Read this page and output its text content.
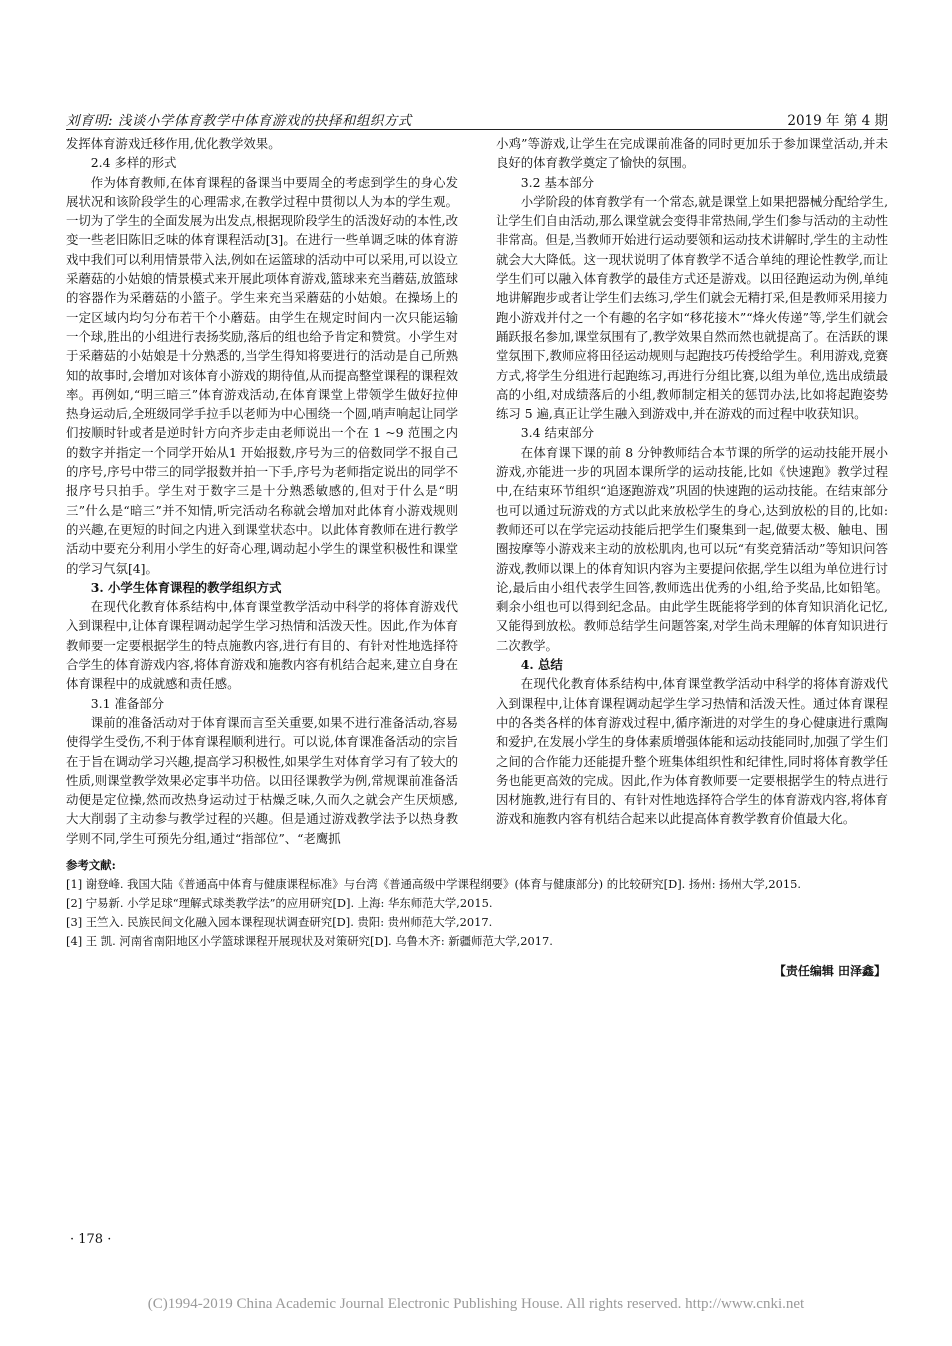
刘育明: 浅谈小学体育教学中体育游戏的抉择和组织方式	2019 年 第 4 期

发挥体育游戏迁移作用,优化教学效果。

2.4 多样的形式

作为体育教师,在体育课程的备课当中要周全的考虑到学生的身心发展状况和该阶段学生的心理需求,在教学过程中贯彻以人为本的学生观。一切为了学生的全面发展为出发点,根据现阶段学生的活泼好动的本性,改变一些老旧陈旧乏味的体育课程活动[3]。在进行一些单调乏味的体育游戏中我们可以利用情景带入法,例如在运篮球的活动中可以采用,可以设立采蘑菇的小姑娘的情景模式来开展此项体育游戏,篮球来充当蘑菇,放篮球的容器作为采蘑菇的小篮子。学生来充当采蘑菇的小姑娘。在操场上的一定区域内均匀分布若干个小蘑菇。由学生在规定时间内一次只能运输一个球,胜出的小组进行表扬奖励,落后的组也给予肯定和赞赏。小学生对于采蘑菇的小姑娘是十分熟悉的,当学生得知将要进行的活动是自己所熟知的故事时,会增加对该体育小游戏的期待值,从而提高整堂课程的课程效率。再例如,“明三暗三”体育游戏活动,在体育课堂上带领学生做好拉伸热身运动后,全班级同学手拉手以老师为中心围绕一个圆,哨声响起让同学们按顺时针或者是逆时针方向齐步走由老师说出一个在 1 ~9 范围之内的数字并指定一个同学开始从1 开始报数,序号为三的倍数同学不报自己的序号,序号中带三的同学报数并拍一下手,序号为老师指定说出的同学不报序号只拍手。学生对于数字三是十分熟悉敏感的,但对于什么是“明三”什么是“暗三”并不知情,听完活动名称就会增加对此体育小游戏规则的兴趣,在更短的时间之内进入到课堂状态中。以此体育教师在进行教学活动中要充分利用小学生的好奇心理,调动起小学生的课堂积极性和课堂的学习气氛[4]。

3. 小学生体育课程的教学组织方式

在现代化教育体系结构中,体育课堂教学活动中科学的将体育游戏代入到课程中,让体育课程调动起学生学习热情和活泼天性。因此,作为体育教师要一定要根据学生的特点施教内容,进行有目的、有针对性地选择符合学生的体育游戏内容,将体育游戏和施教内容有机结合起来,建立自身在体育课程中的成就感和责任感。

3.1 准备部分

课前的准备活动对于体育课而言至关重要,如果不进行准备活动,容易使得学生受伤,不利于体育课程顺利进行。可以说,体育课准备活动的宗旨在于旨在调动学习兴趣,提高学习积极性,如果学生对体育学习有了较大的性质,则课堂教学效果必定事半功倍。以田径课教学为例,常规课前准备活动便是定位操,然而改热身运动过于枯燥乏味,久而久之就会产生厌烦感,大大削弱了主动参与教学过程的兴趣。但是通过游戏教学法予以热身教学则不同,学生可预先分组,通过“指部位”、“老鹰抓

小鸡”等游戏,让学生在完成课前准备的同时更加乐于参加课堂活动,并未良好的体育教学奠定了愉快的氛围。

3.2 基本部分

小学阶段的体育教学有一个常态,就是课堂上如果把器械分配给学生,让学生们自由活动,那么课堂就会变得非常热闹,学生们参与活动的主动性非常高。但是,当教师开始进行运动要领和运动技术讲解时,学生的主动性就会大大降低。这一现状说明了体育教学不适合单纯的理论性教学,而让学生们可以融入体育教学的最佳方式还是游戏。以田径跑运动为例,单纯地讲解跑步或者让学生们去练习,学生们就会无精打采,但是教师采用接力跑小游戏并付之一个有趣的名字如“移花接木”“烽火传递”等,学生们就会踊跃报名参加,课堂氛围有了,教学效果自然而然也就提高了。在活跃的课堂氛围下,教师应将田径运动规则与起跑技巧传授给学生。利用游戏,竞赛方式,将学生分组进行起跑练习,再进行分组比赛,以组为单位,选出成绩最高的小组,对成绩落后的小组,教师制定相关的惩罚办法,比如将起跑姿势练习 5 遍,真正让学生融入到游戏中,并在游戏的而过程中收获知识。

3.4 结束部分

在体育课下课的前 8 分钟教师结合本节课的所学的运动技能开展小游戏,亦能进一步的巩固本课所学的运动技能,比如《快速跑》教学过程中,在结束环节组织“追逐跑游戏”巩固的快速跑的运动技能。在结束部分也可以通过玩游戏的方式以此来放松学生的身心,达到放松的目的,比如:教师还可以在学完运动技能后把学生们聚集到一起,做要太极、触电、围圈按摩等小游戏来主动的放松肌肉,也可以玩“有奖竞猜活动”等知识问答游戏,教师以课上的体育知识内容为主要提问依据,学生以组为单位进行讨论,最后由小组代表学生回答,教师选出优秀的小组,给予奖品,比如铅笔。剩余小组也可以得到纪念品。由此学生既能将学到的体育知识消化记忆,又能得到放松。教师总结学生问题答案,对学生尚未理解的体育知识进行二次教学。

4. 总结

在现代化教育体系结构中,体育课堂教学活动中科学的将体育游戏代入到课程中,让体育课程调动起学生学习热情和活泼天性。通过体育课程中的各类各样的体育游戏过程中,循序渐进的对学生的身心健康进行熏陶和爱护,在发展小学生的身体素质增强体能和运动技能同时,加强了学生们之间的合作能力还能提升整个班集体组织性和纪律性,同时将体育教学任务也能更高效的完成。因此,作为体育教师要一定要根据学生的特点进行因材施教,进行有目的、有针对性地选择符合学生的体育游戏内容,将体育游戏和施教内容有机结合起来以此提高体育教学教育价值最大化。

参考文献:
[1] 谢登峰. 我国大陆《普通高中体育与健康课程标准》与台湾《普通高级中学课程纲要》(体育与健康部分) 的比较研究[D]. 扬州: 扬州大学,2015.
[2] 宁易新. 小学足球“理解式球类教学法”的应用研究[D]. 上海: 华东师范大学,2015.
[3] 王竺入. 民族民间文化融入园本课程现状调查研究[D]. 贵阳: 贵州师范大学,2017.
[4] 王 凯. 河南省南阳地区小学篮球课程开展现状及对策研究[D]. 乌鲁木齐: 新疆师范大学,2017.
【责任编辑 田泽鑫】
· 178 ·
(C)1994-2019 China Academic Journal Electronic Publishing House. All rights reserved. http://www.cnki.net
